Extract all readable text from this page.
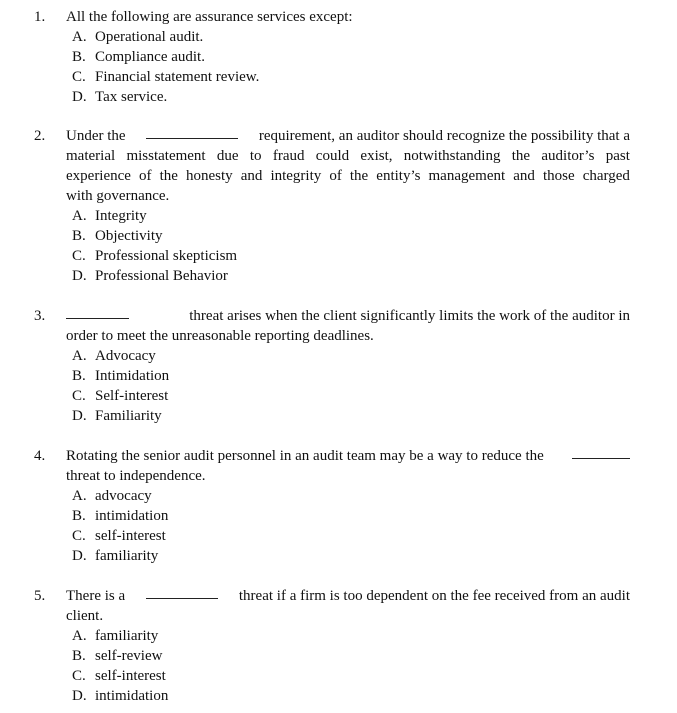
1. All the following are assurance services except:
A. Operational audit.
B. Compliance audit.
C. Financial statement review.
D. Tax service.
2. Under the	requirement, an auditor should recognize the possibility that a
material misstatement due to fraud could exist, notwithstanding the auditor’s past
experience of the honesty and integrity of the entity’s management and those charged
with governance.
A. Integrity
B. Objectivity
C. Professional skepticism
D. Professional Behavior
3.	threat arises when the client significantly limits the work of the auditor in
order to meet the unreasonable reporting deadlines.
A. Advocacy
B. Intimidation
C. Self-interest
D. Familiarity
4. Rotating the senior audit personnel in an audit team may be a way to reduce the
threat to independence.
A. advocacy
B. intimidation
C. self-interest
D. familiarity
5. There is a	threat if a firm is too dependent on the fee received from an audit
client.
A. familiarity
B. self-review
C. self-interest
D. intimidation
